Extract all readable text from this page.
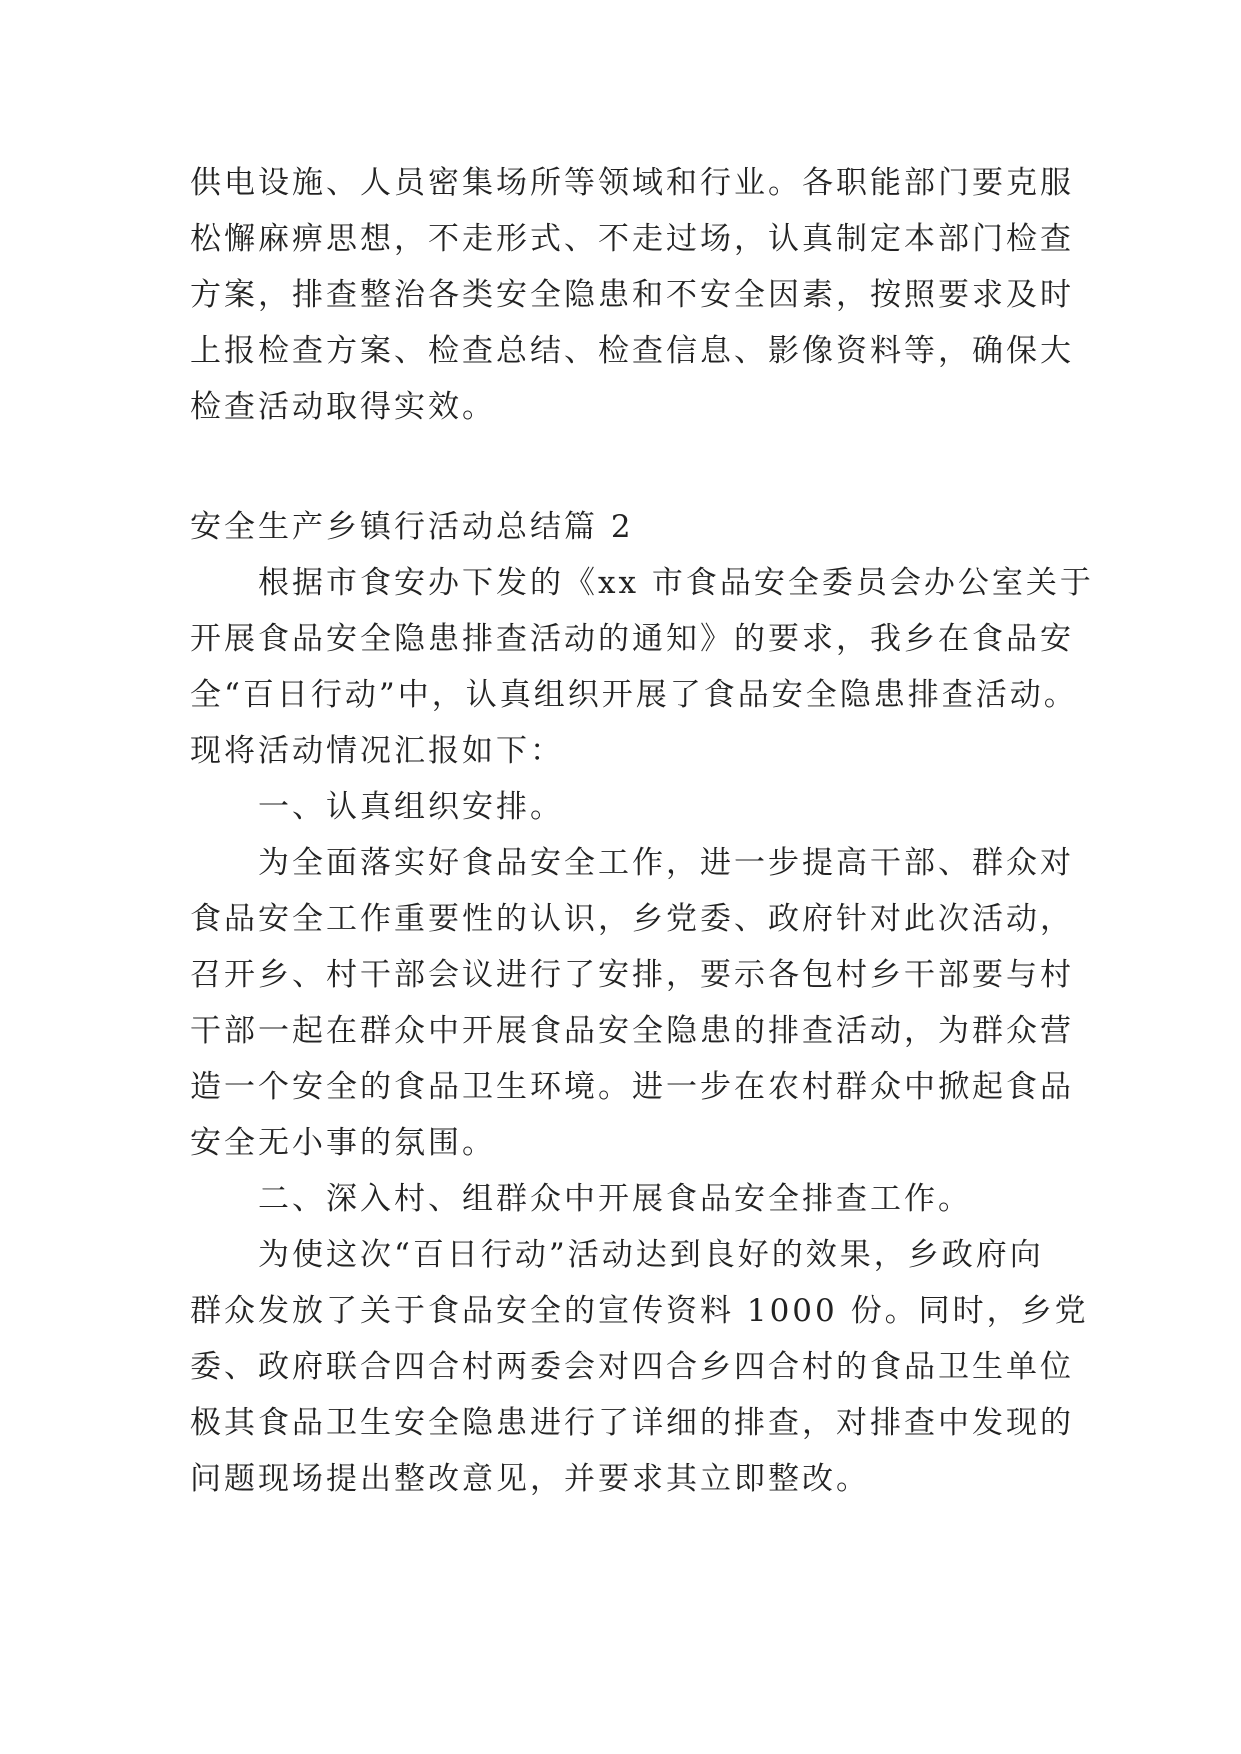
供电设施、人员密集场所等领域和行业。各职能部门要克服
松懈麻痹思想，不走形式、不走过场，认真制定本部门检查
方案，排查整治各类安全隐患和不安全因素，按照要求及时
上报检查方案、检查总结、检查信息、影像资料等，确保大
检查活动取得实效。
安全生产乡镇行活动总结篇 2
根据市食安办下发的《xx 市食品安全委员会办公室关于
开展食品安全隐患排查活动的通知》的要求，我乡在食品安
全“百日行动”中，认真组织开展了食品安全隐患排查活动。
现将活动情况汇报如下：
一、认真组织安排。
为全面落实好食品安全工作，进一步提高干部、群众对
食品安全工作重要性的认识，乡党委、政府针对此次活动，
召开乡、村干部会议进行了安排，要示各包村乡干部要与村
干部一起在群众中开展食品安全隐患的排查活动，为群众营
造一个安全的食品卫生环境。进一步在农村群众中掀起食品
安全无小事的氛围。
二、深入村、组群众中开展食品安全排查工作。
为使这次“百日行动”活动达到良好的效果，乡政府向
群众发放了关于食品安全的宣传资料 1000 份。同时，乡党
委、政府联合四合村两委会对四合乡四合村的食品卫生单位
极其食品卫生安全隐患进行了详细的排查，对排查中发现的
问题现场提出整改意见，并要求其立即整改。
